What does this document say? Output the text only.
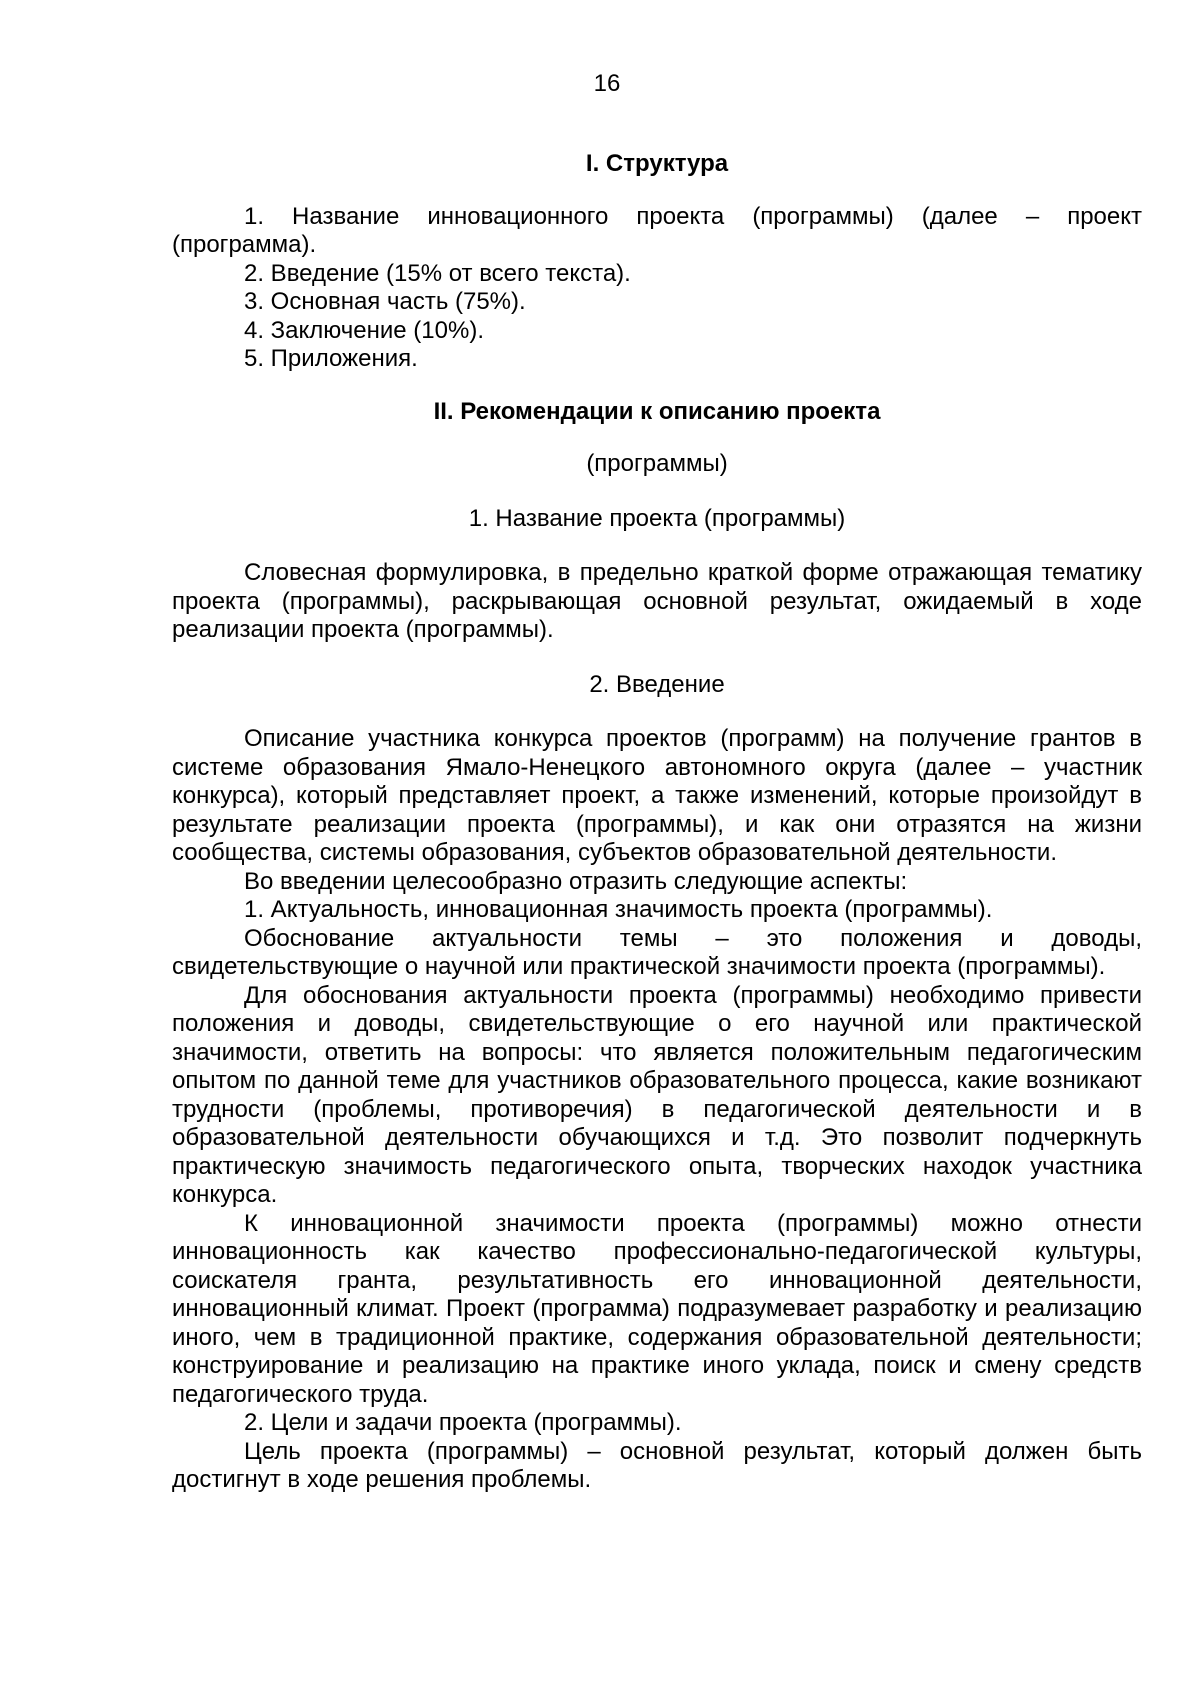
16

I. Структура

1. Название инновационного проекта (программы) (далее – проект (программа).

2. Введение (15% от всего текста).

3. Основная часть (75%).

4. Заключение (10%).

5. Приложения.

II. Рекомендации к описанию проекта

(программы)

1. Название проекта (программы)

Словесная формулировка, в предельно краткой форме отражающая тематику проекта (программы), раскрывающая основной результат, ожидаемый в ходе реализации проекта (программы).

2. Введение

Описание участника конкурса проектов (программ) на получение грантов в системе образования Ямало-Ненецкого автономного округа (далее – участник конкурса), который представляет проект, а также изменений, которые произойдут в результате реализации проекта (программы), и как они отразятся на жизни сообщества, системы образования, субъектов образовательной деятельности.

Во введении целесообразно отразить следующие аспекты:

1. Актуальность, инновационная значимость проекта (программы).

Обоснование актуальности темы – это положения и доводы, свидетельствующие о научной или практической значимости проекта (программы).

Для обоснования актуальности проекта (программы) необходимо привести положения и доводы, свидетельствующие о его научной или практической значимости, ответить на вопросы: что является положительным педагогическим опытом по данной теме для участников образовательного процесса, какие возникают трудности (проблемы, противоречия) в педагогической деятельности и в образовательной деятельности обучающихся и т.д. Это позволит подчеркнуть практическую значимость педагогического опыта, творческих находок участника конкурса.

К инновационной значимости проекта (программы) можно отнести инновационность как качество профессионально-педагогической культуры, соискателя гранта, результативность его инновационной деятельности, инновационный климат. Проект (программа) подразумевает разработку и реализацию иного, чем в традиционной практике, содержания образовательной деятельности; конструирование и реализацию на практике иного уклада, поиск и смену средств педагогического труда.

2. Цели и задачи проекта (программы).

Цель проекта (программы) – основной результат, который должен быть достигнут в ходе решения проблемы.
